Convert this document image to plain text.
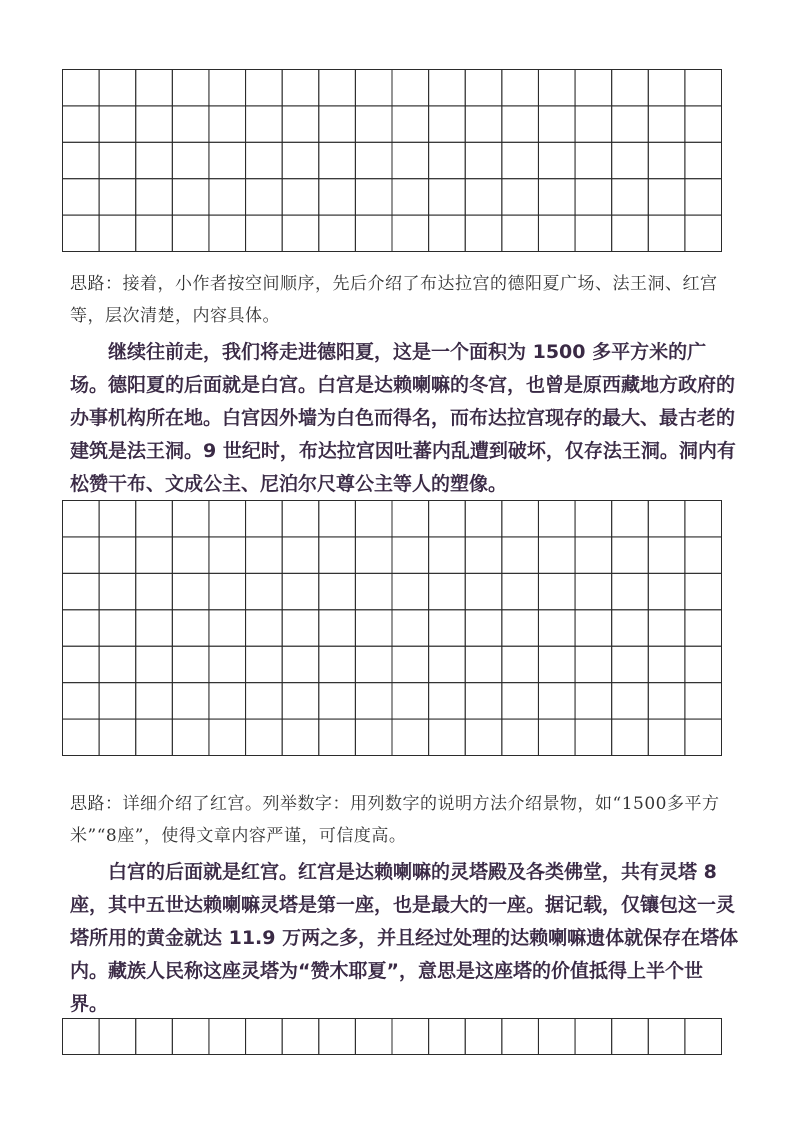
思路：接着，小作者按空间顺序，先后介绍了布达拉宫的德阳夏广场、法王洞、红宫等，层次清楚，内容具体。

继续往前走，我们将走进德阳夏，这是一个面积为 1500 多平方米的广场。德阳夏的后面就是白宫。白宫是达赖喇嘛的冬宫，也曾是原西藏地方政府的办事机构所在地。白宫因外墙为白色而得名，而布达拉宫现存的最大、最古老的建筑是法王洞。9 世纪时，布达拉宫因吐蕃内乱遭到破坏，仅存法王洞。洞内有松赞干布、文成公主、尼泊尔尺尊公主等人的塑像。

思路：详细介绍了红宫。列举数字：用列数字的说明方法介绍景物，如“1500多平方米”“8座”，使得文章内容严谨，可信度高。

白宫的后面就是红宫。红宫是达赖喇嘛的灵塔殿及各类佛堂，共有灵塔 8 座，其中五世达赖喇嘛灵塔是第一座，也是最大的一座。据记载，仅镶包这一灵塔所用的黄金就达 11.9 万两之多，并且经过处理的达赖喇嘛遗体就保存在塔体内。藏族人民称这座灵塔为“赞木耶夏”，意思是这座塔的价值抵得上半个世界。
